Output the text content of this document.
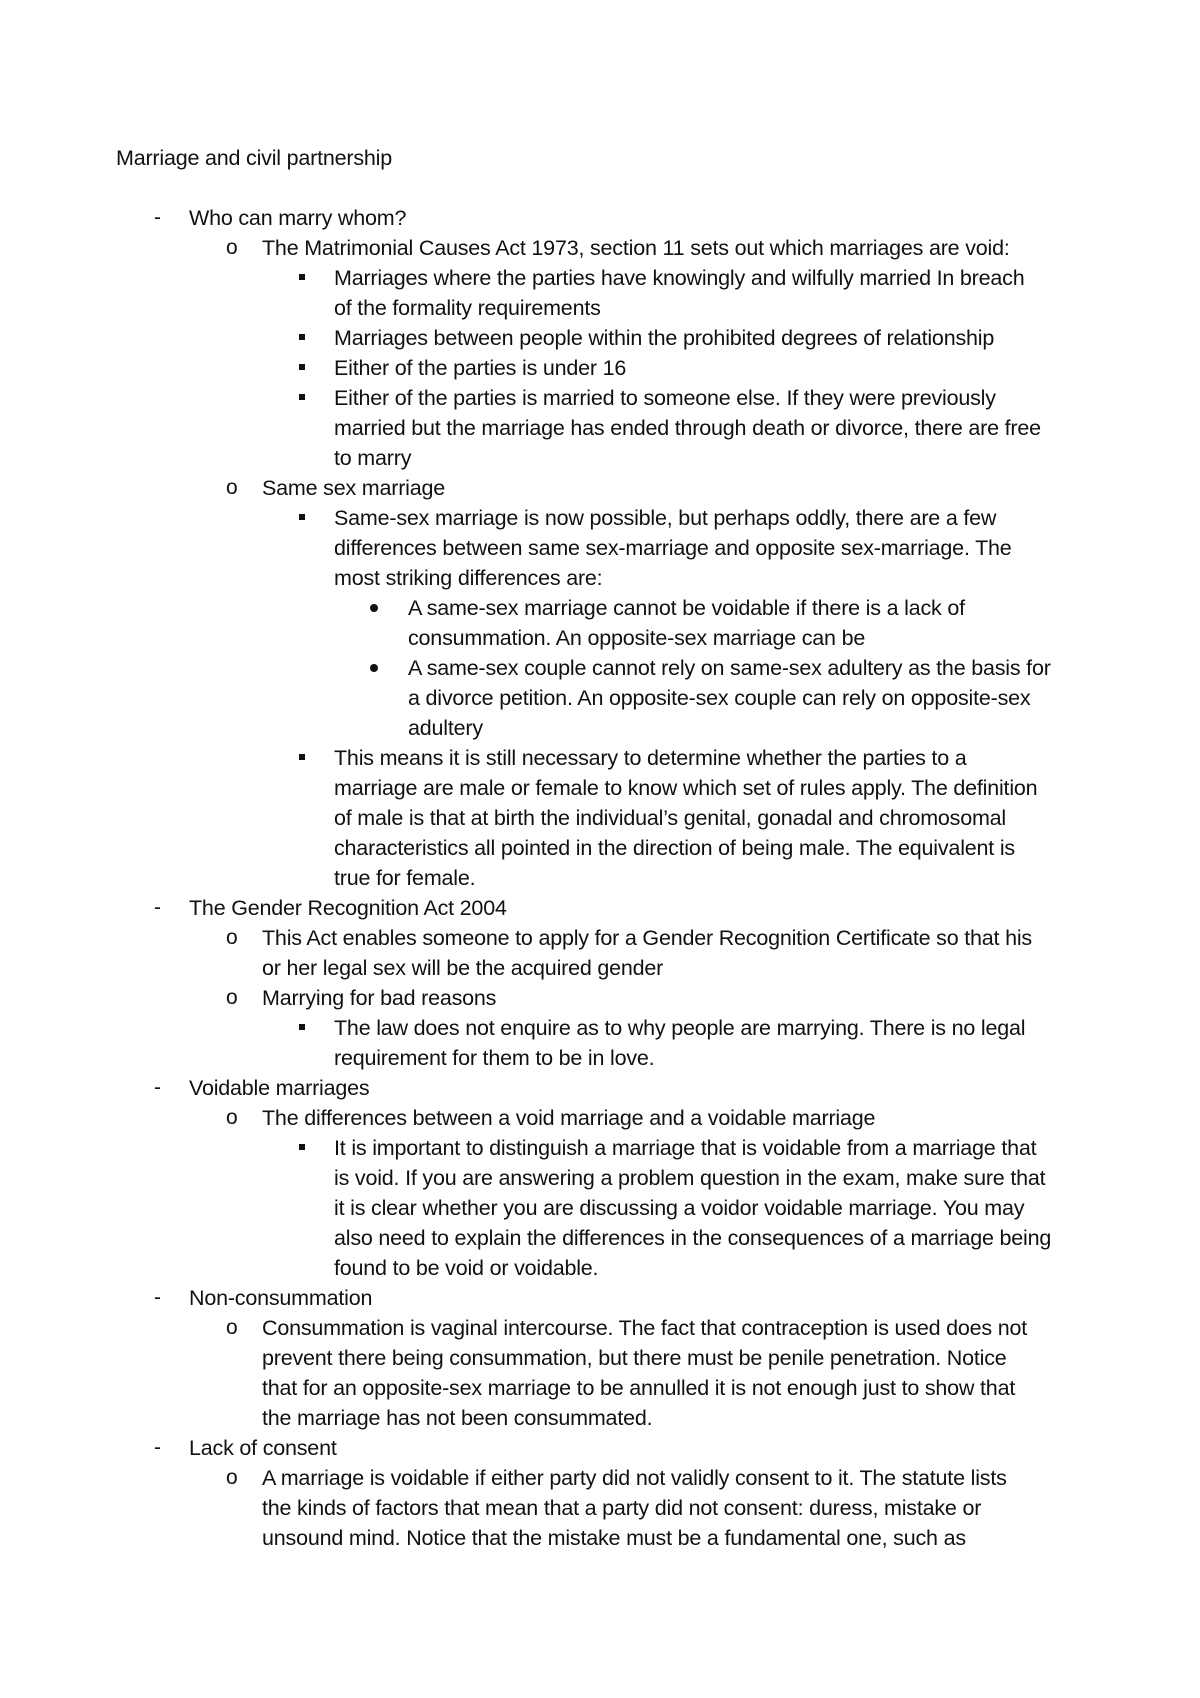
Marriage and civil partnership
- Who can marry whom?
o The Matrimonial Causes Act 1973, section 11 sets out which marriages are void:
Marriages where the parties have knowingly and wilfully married In breach
of the formality requirements
Marriages between people within the prohibited degrees of relationship
Either of the parties is under 16
Either of the parties is married to someone else. If they were previously
married but the marriage has ended through death or divorce, there are free
to marry
o Same sex marriage
Same-sex marriage is now possible, but perhaps oddly, there are a few
differences between same sex-marriage and opposite sex-marriage. The
most striking differences are:
A same-sex marriage cannot be voidable if there is a lack of
consummation. An opposite-sex marriage can be
A same-sex couple cannot rely on same-sex adultery as the basis for
a divorce petition. An opposite-sex couple can rely on opposite-sex
adultery
This means it is still necessary to determine whether the parties to a
marriage are male or female to know which set of rules apply. The definition
of male is that at birth the individual’s genital, gonadal and chromosomal
characteristics all pointed in the direction of being male. The equivalent is
true for female.
- The Gender Recognition Act 2004
o This Act enables someone to apply for a Gender Recognition Certificate so that his
or her legal sex will be the acquired gender
o Marrying for bad reasons
The law does not enquire as to why people are marrying. There is no legal
requirement for them to be in love.
- Voidable marriages
o The differences between a void marriage and a voidable marriage
It is important to distinguish a marriage that is voidable from a marriage that
is void. If you are answering a problem question in the exam, make sure that
it is clear whether you are discussing a voidor voidable marriage. You may
also need to explain the differences in the consequences of a marriage being
found to be void or voidable.
- Non-consummation
o Consummation is vaginal intercourse. The fact that contraception is used does not
prevent there being consummation, but there must be penile penetration. Notice
that for an opposite-sex marriage to be annulled it is not enough just to show that
the marriage has not been consummated.
- Lack of consent
o A marriage is voidable if either party did not validly consent to it. The statute lists
the kinds of factors that mean that a party did not consent: duress, mistake or
unsound mind. Notice that the mistake must be a fundamental one, such as
